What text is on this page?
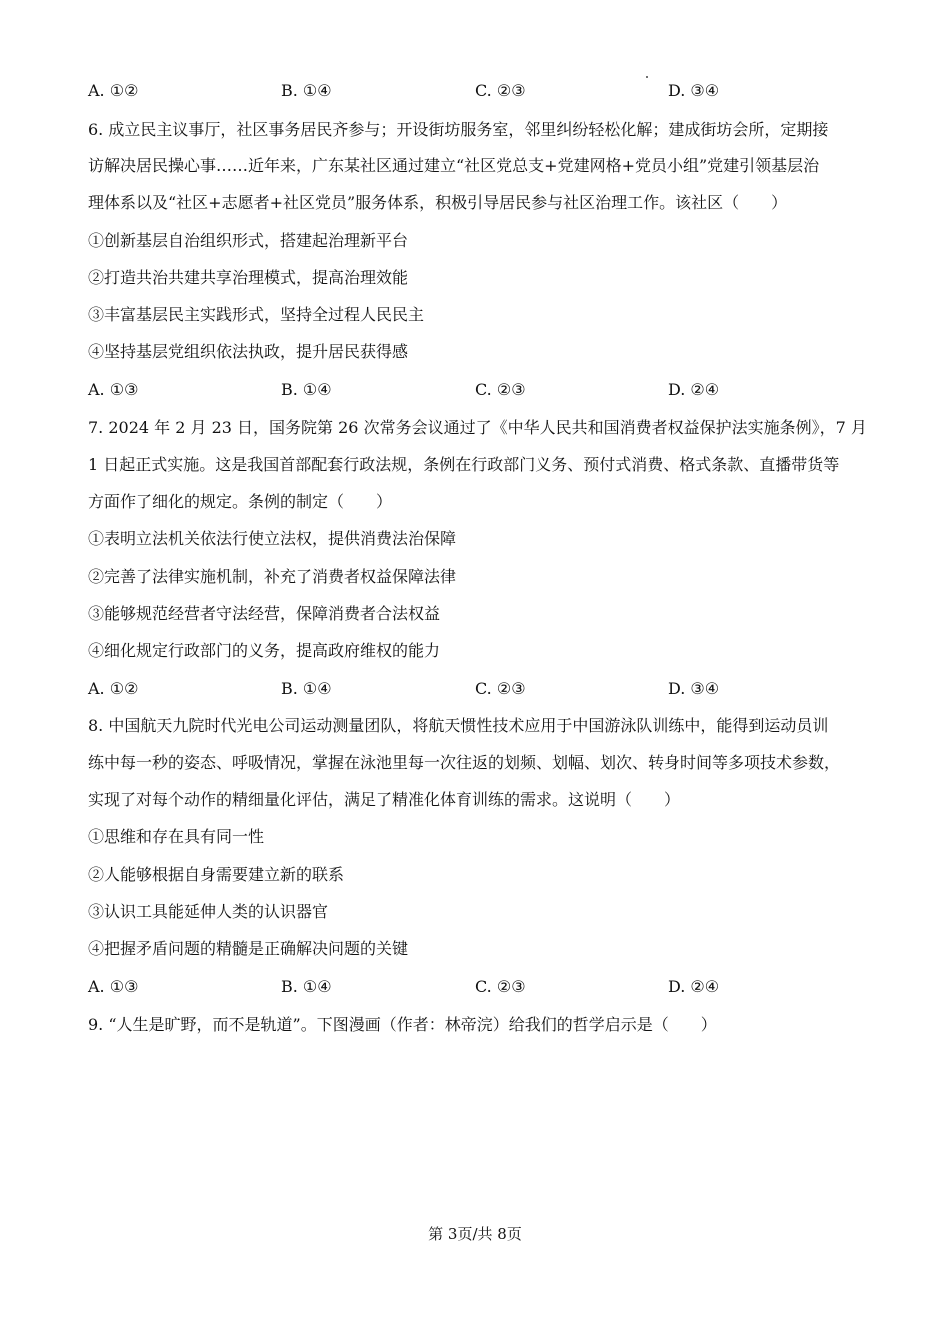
A. ①②	B. ①④	C. ②③	D. ③④
6. 成立民主议事厅，社区事务居民齐参与；开设街坊服务室，邻里纠纷轻松化解；建成街坊会所，定期接
访解决居民操心事……近年来，广东某社区通过建立“社区党总支+党建网格+党员小组”党建引领基层治
理体系以及“社区+志愿者+社区党员”服务体系，积极引导居民参与社区治理工作。该社区（　　）
①创新基层自治组织形式，搭建起治理新平台
②打造共治共建共享治理模式，提高治理效能
③丰富基层民主实践形式，坚持全过程人民民主
④坚持基层党组织依法执政，提升居民获得感
A. ①③	B. ①④	C. ②③	D. ②④
7. 2024 年 2 月 23 日，国务院第 26 次常务会议通过了《中华人民共和国消费者权益保护法实施条例》，7 月
1 日起正式实施。这是我国首部配套行政法规，条例在行政部门义务、预付式消费、格式条款、直播带货等
方面作了细化的规定。条例的制定（　　）
①表明立法机关依法行使立法权，提供消费法治保障
②完善了法律实施机制，补充了消费者权益保障法律
③能够规范经营者守法经营，保障消费者合法权益
④细化规定行政部门的义务，提高政府维权的能力
A. ①②	B. ①④	C. ②③	D. ③④
8. 中国航天九院时代光电公司运动测量团队，将航天惯性技术应用于中国游泳队训练中，能得到运动员训
练中每一秒的姿态、呼吸情况，掌握在泳池里每一次往返的划频、划幅、划次、转身时间等多项技术参数，
实现了对每个动作的精细量化评估，满足了精准化体育训练的需求。这说明（　　）
①思维和存在具有同一性
②人能够根据自身需要建立新的联系
③认识工具能延伸人类的认识器官
④把握矛盾问题的精髓是正确解决问题的关键
A. ①③	B. ①④	C. ②③	D. ②④
9. “人生是旷野，而不是轨道”。下图漫画（作者：林帝浣）给我们的哲学启示是（　　）
第 3页/共 8页
